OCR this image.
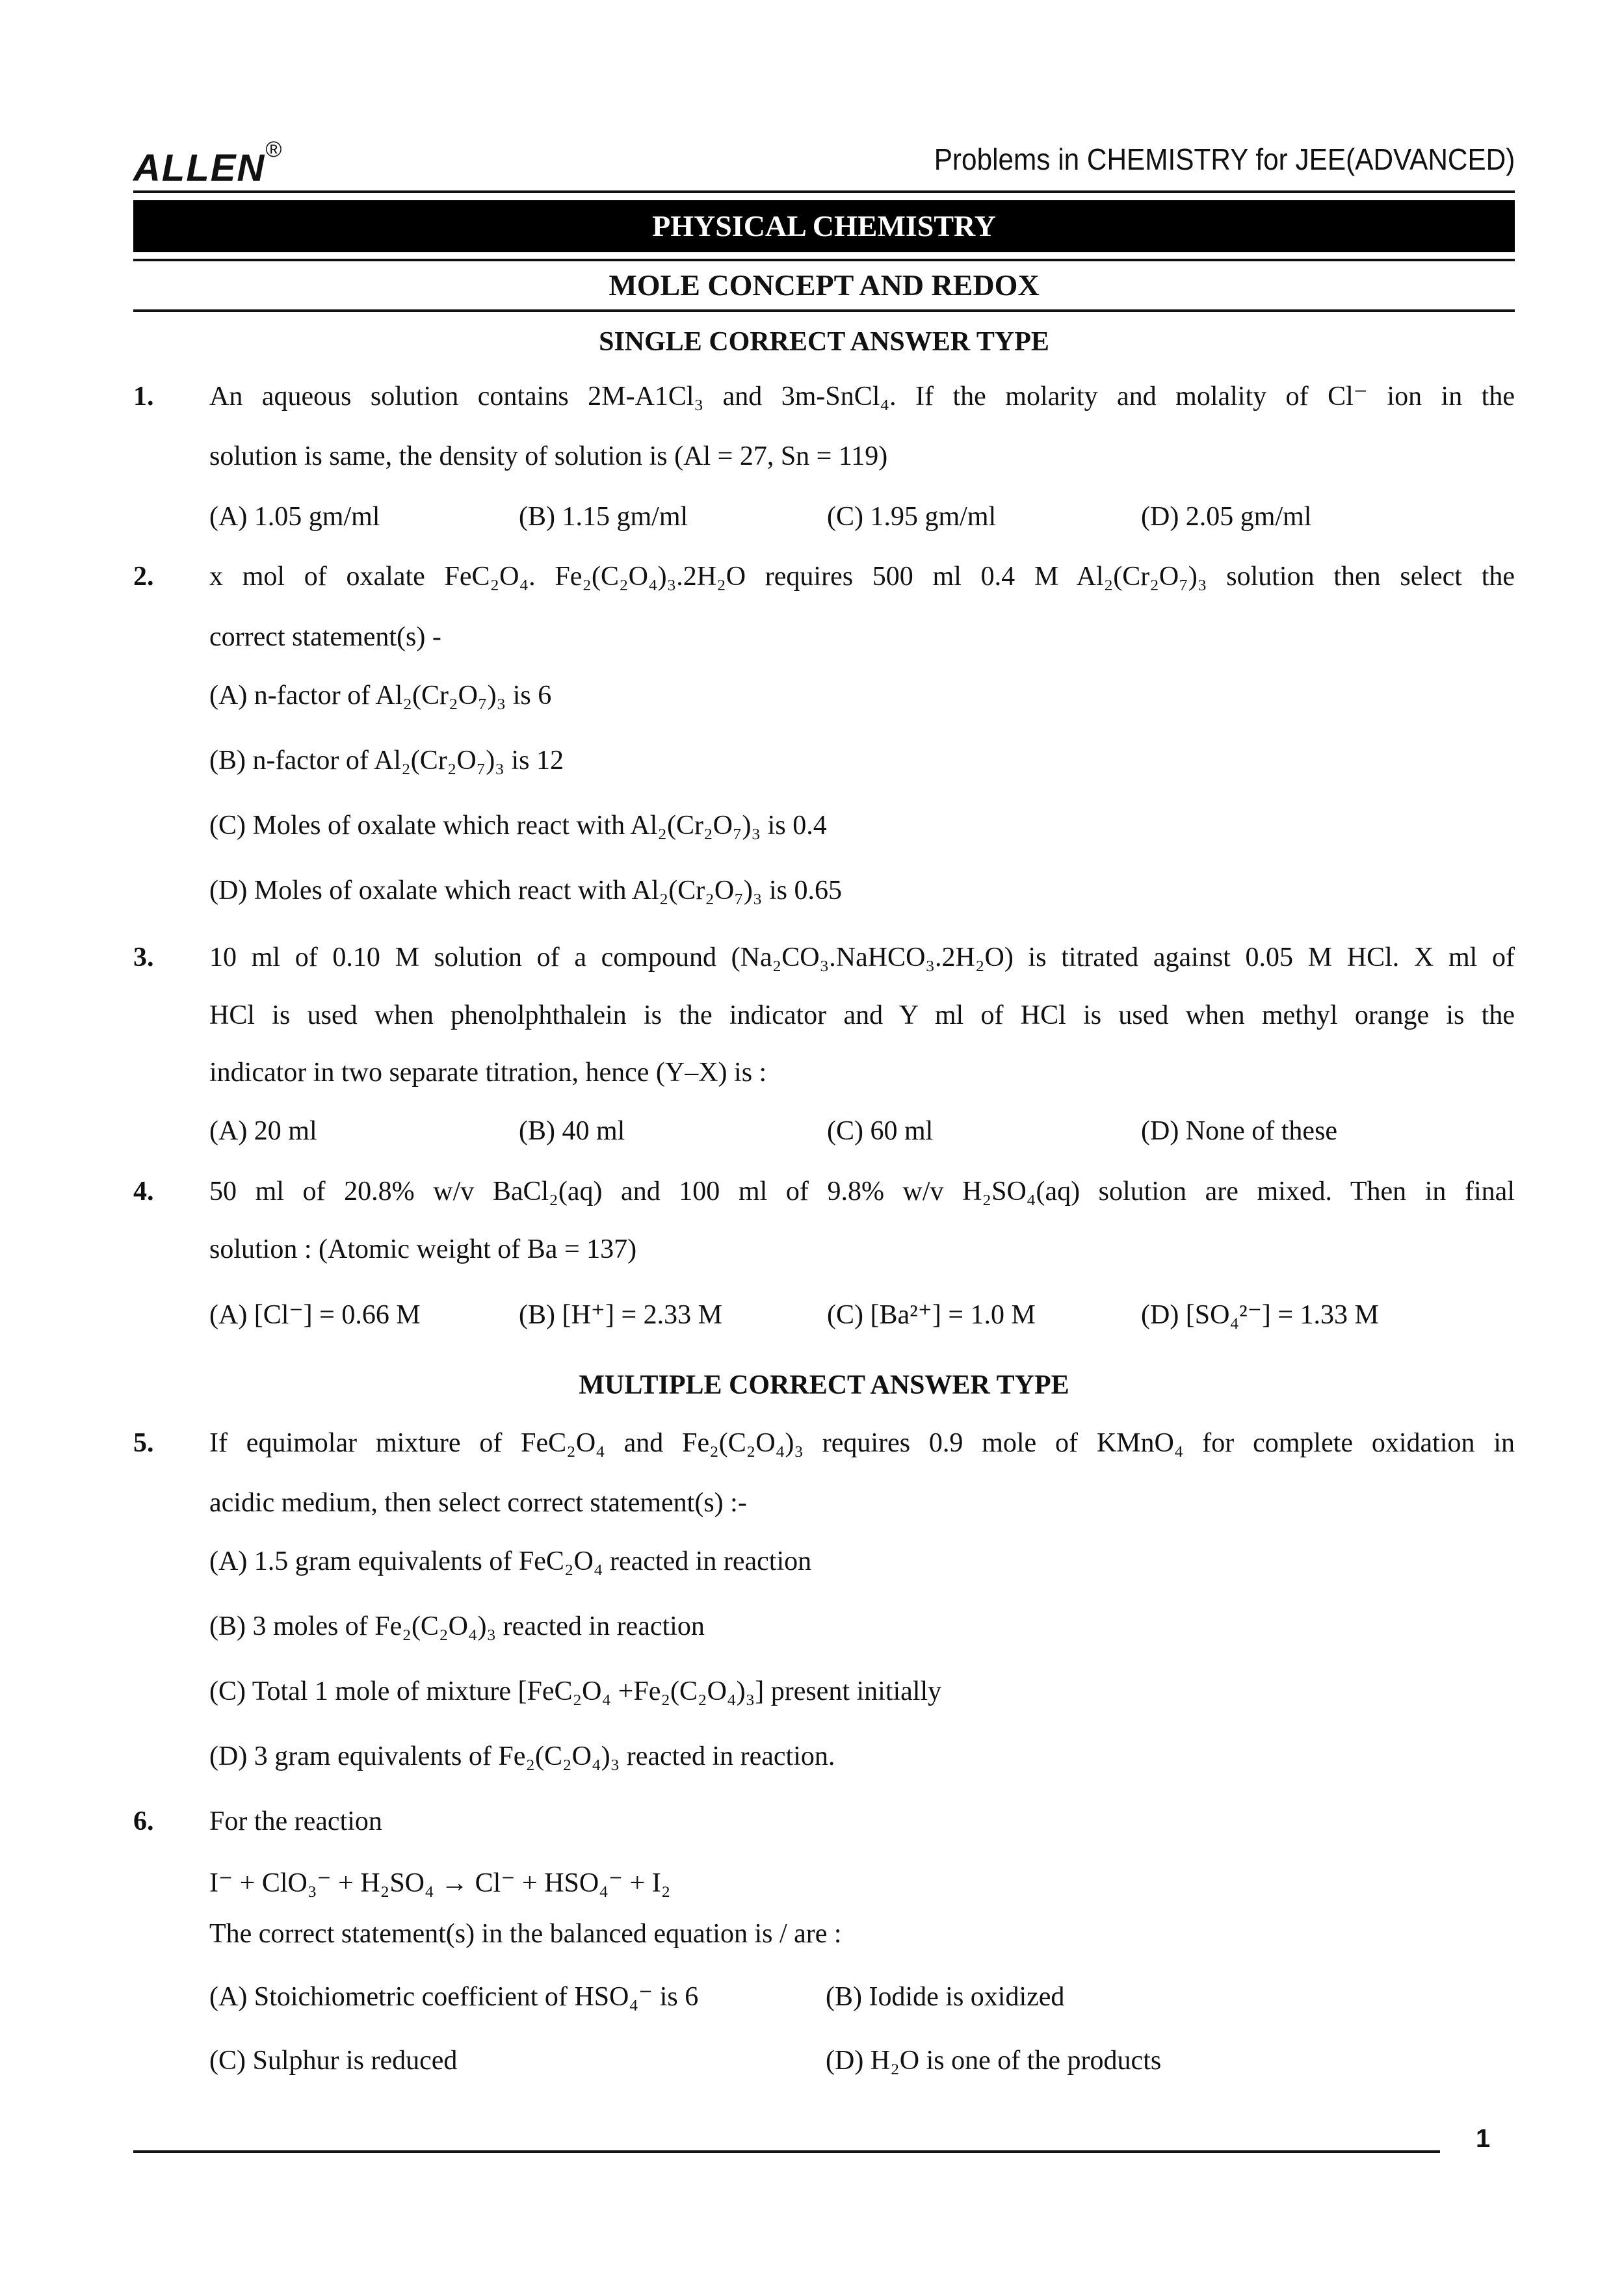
ALLEN®	Problems in CHEMISTRY for JEE(ADVANCED)
PHYSICAL CHEMISTRY
MOLE CONCEPT AND REDOX
SINGLE CORRECT ANSWER TYPE
1. An aqueous solution contains 2M-A1Cl₃ and 3m-SnCl₄. If the molarity and molality of Cl⁻ ion in the
solution is same, the density of solution is (Al = 27, Sn = 119)
(A) 1.05 gm/ml	(B) 1.15 gm/ml	(C) 1.95 gm/ml	(D) 2.05 gm/ml
2. x mol of oxalate FeC₂O₄. Fe₂(C₂O₄)₃.2H₂O requires 500 ml 0.4 M Al₂(Cr₂O₇)₃ solution then select the
correct statement(s) -
(A) n-factor of Al₂(Cr₂O₇)₃ is 6
(B) n-factor of Al₂(Cr₂O₇)₃ is 12
(C) Moles of oxalate which react with Al₂(Cr₂O₇)₃ is 0.4
(D) Moles of oxalate which react with Al₂(Cr₂O₇)₃ is 0.65
3. 10 ml of 0.10 M solution of a compound (Na₂CO₃.NaHCO₃.2H₂O) is titrated against 0.05 M HCl. X ml of
HCl is used when phenolphthalein is the indicator and Y ml of HCl is used when methyl orange is the
indicator in two separate titration, hence (Y–X) is :
(A) 20 ml	(B) 40 ml	(C) 60 ml	(D) None of these
4. 50 ml of 20.8% w/v BaCl₂(aq) and 100 ml of 9.8% w/v H₂SO₄(aq) solution are mixed. Then in final
solution : (Atomic weight of Ba = 137)
(A) [Cl⁻] = 0.66 M	(B) [H⁺] = 2.33 M	(C) [Ba²⁺] = 1.0 M	(D) [SO₄²⁻] = 1.33 M
MULTIPLE CORRECT ANSWER TYPE
5. If equimolar mixture of FeC₂O₄ and Fe₂(C₂O₄)₃ requires 0.9 mole of KMnO₄ for complete oxidation in
acidic medium, then select correct statement(s) :-
(A) 1.5 gram equivalents of FeC₂O₄ reacted in reaction
(B) 3 moles of Fe₂(C₂O₄)₃ reacted in reaction
(C) Total 1 mole of mixture [FeC₂O₄ +Fe₂(C₂O₄)₃] present initially
(D) 3 gram equivalents of Fe₂(C₂O₄)₃ reacted in reaction.
6. For the reaction
I⁻ + ClO₃⁻ + H₂SO₄ → Cl⁻ + HSO₄⁻ + I₂
The correct statement(s) in the balanced equation is / are :
(A) Stoichiometric coefficient of HSO₄⁻ is 6	(B) Iodide is oxidized
(C) Sulphur is reduced	(D) H₂O is one of the products
1
